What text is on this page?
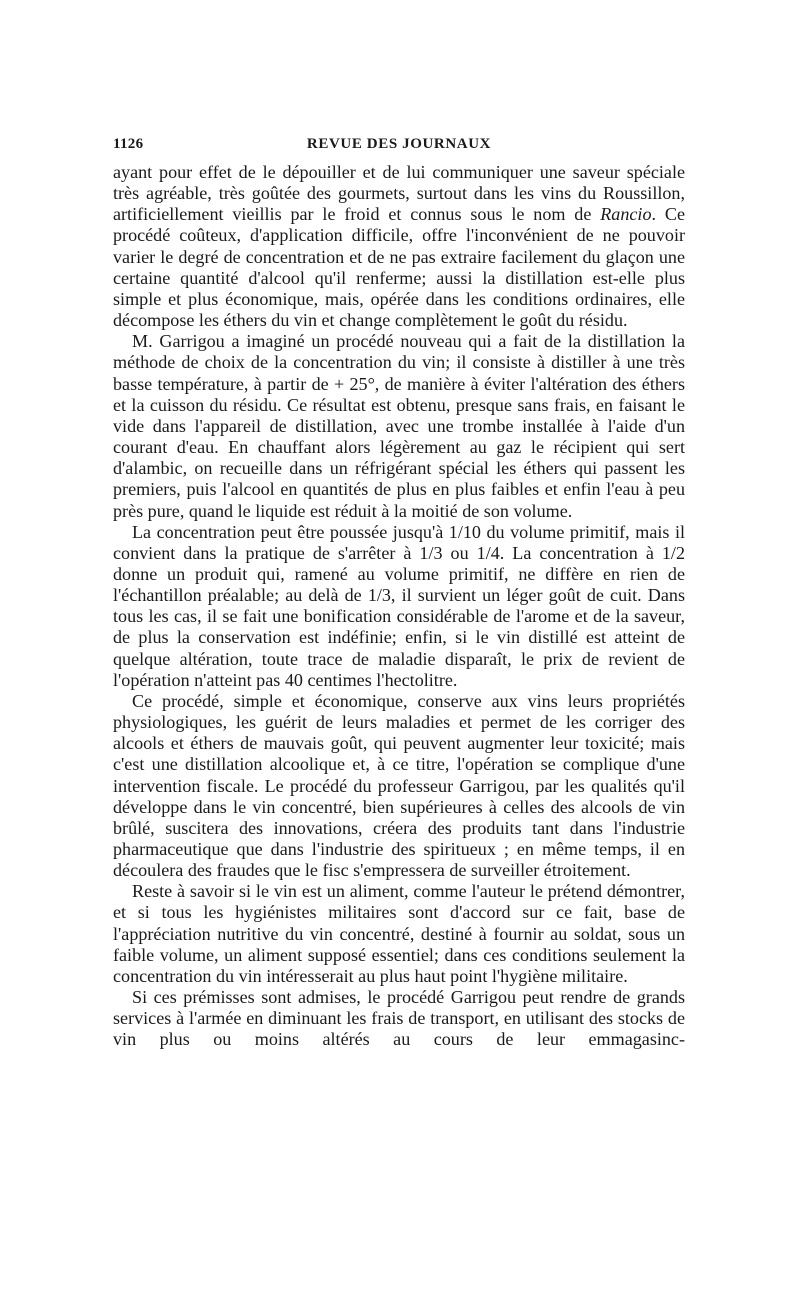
1126	REVUE DES JOURNAUX

ayant pour effet de le dépouiller et de lui communiquer une saveur spéciale très agréable, très goûtée des gourmets, surtout dans les vins du Roussillon, artificiellement vieillis par le froid et connus sous le nom de Rancio. Ce procédé coûteux, d'application difficile, offre l'inconvénient de ne pouvoir varier le degré de concentration et de ne pas extraire facilement du glaçon une certaine quantité d'alcool qu'il renferme; aussi la distillation est-elle plus simple et plus économique, mais, opérée dans les conditions ordinaires, elle décompose les éthers du vin et change complètement le goût du résidu.

M. Garrigou a imaginé un procédé nouveau qui a fait de la distillation la méthode de choix de la concentration du vin; il consiste à distiller à une très basse température, à partir de + 25°, de manière à éviter l'altération des éthers et la cuisson du résidu. Ce résultat est obtenu, presque sans frais, en faisant le vide dans l'appareil de distillation, avec une trombe installée à l'aide d'un courant d'eau. En chauffant alors légèrement au gaz le récipient qui sert d'alambic, on recueille dans un réfrigérant spécial les éthers qui passent les premiers, puis l'alcool en quantités de plus en plus faibles et enfin l'eau à peu près pure, quand le liquide est réduit à la moitié de son volume.

La concentration peut être poussée jusqu'à 1/10 du volume primitif, mais il convient dans la pratique de s'arrêter à 1/3 ou 1/4. La concentration à 1/2 donne un produit qui, ramené au volume primitif, ne diffère en rien de l'échantillon préalable; au delà de 1/3, il survient un léger goût de cuit. Dans tous les cas, il se fait une bonification considérable de l'arome et de la saveur, de plus la conservation est indéfinie; enfin, si le vin distillé est atteint de quelque altération, toute trace de maladie disparaît, le prix de revient de l'opération n'atteint pas 40 centimes l'hectolitre.

Ce procédé, simple et économique, conserve aux vins leurs propriétés physiologiques, les guérit de leurs maladies et permet de les corriger des alcools et éthers de mauvais goût, qui peuvent augmenter leur toxicité; mais c'est une distillation alcoolique et, à ce titre, l'opération se complique d'une intervention fiscale. Le procédé du professeur Garrigou, par les qualités qu'il développe dans le vin concentré, bien supérieures à celles des alcools de vin brûlé, suscitera des innovations, créera des produits tant dans l'industrie pharmaceutique que dans l'industrie des spiritueux ; en même temps, il en découlera des fraudes que le fisc s'empressera de surveiller étroitement.

Reste à savoir si le vin est un aliment, comme l'auteur le prétend démontrer, et si tous les hygiénistes militaires sont d'accord sur ce fait, base de l'appréciation nutritive du vin concentré, destiné à fournir au soldat, sous un faible volume, un aliment supposé essentiel; dans ces conditions seulement la concentration du vin intéresserait au plus haut point l'hygiène militaire.

Si ces prémisses sont admises, le procédé Garrigou peut rendre de grands services à l'armée en diminuant les frais de transport, en utilisant des stocks de vin plus ou moins altérés au cours de leur emmagasinc-
